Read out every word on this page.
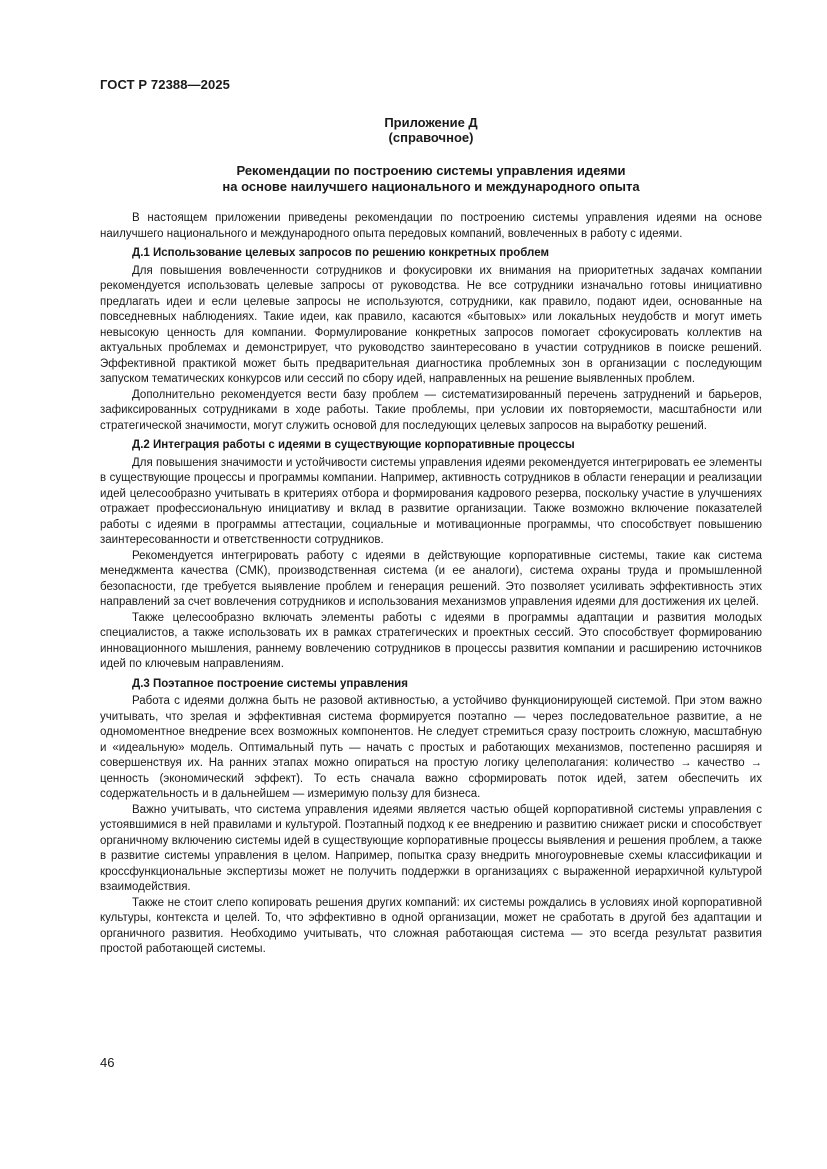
ГОСТ Р 72388—2025
Приложение Д
(справочное)
Рекомендации по построению системы управления идеями
на основе наилучшего национального и международного опыта

В настоящем приложении приведены рекомендации по построению системы управления идеями на основе наилучшего национального и международного опыта передовых компаний, вовлеченных в работу с идеями.

Д.1 Использование целевых запросов по решению конкретных проблем

Для повышения вовлеченности сотрудников и фокусировки их внимания на приоритетных задачах компании рекомендуется использовать целевые запросы от руководства. Не все сотрудники изначально готовы инициативно предлагать идеи и если целевые запросы не используются, сотрудники, как правило, подают идеи, основанные на повседневных наблюдениях. Такие идеи, как правило, касаются «бытовых» или локальных неудобств и могут иметь невысокую ценность для компании. Формулирование конкретных запросов помогает сфокусировать коллектив на актуальных проблемах и демонстрирует, что руководство заинтересовано в участии сотрудников в поиске решений. Эффективной практикой может быть предварительная диагностика проблемных зон в организации с последующим запуском тематических конкурсов или сессий по сбору идей, направленных на решение выявленных проблем.

Дополнительно рекомендуется вести базу проблем — систематизированный перечень затруднений и барьеров, зафиксированных сотрудниками в ходе работы. Такие проблемы, при условии их повторяемости, масштабности или стратегической значимости, могут служить основой для последующих целевых запросов на выработку решений.

Д.2 Интеграция работы с идеями в существующие корпоративные процессы

Для повышения значимости и устойчивости системы управления идеями рекомендуется интегрировать ее элементы в существующие процессы и программы компании. Например, активность сотрудников в области генерации и реализации идей целесообразно учитывать в критериях отбора и формирования кадрового резерва, поскольку участие в улучшениях отражает профессиональную инициативу и вклад в развитие организации. Также возможно включение показателей работы с идеями в программы аттестации, социальные и мотивационные программы, что способствует повышению заинтересованности и ответственности сотрудников.

Рекомендуется интегрировать работу с идеями в действующие корпоративные системы, такие как система менеджмента качества (СМК), производственная система (и ее аналоги), система охраны труда и промышленной безопасности, где требуется выявление проблем и генерация решений. Это позволяет усиливать эффективность этих направлений за счет вовлечения сотрудников и использования механизмов управления идеями для достижения их целей.

Также целесообразно включать элементы работы с идеями в программы адаптации и развития молодых специалистов, а также использовать их в рамках стратегических и проектных сессий. Это способствует формированию инновационного мышления, раннему вовлечению сотрудников в процессы развития компании и расширению источников идей по ключевым направлениям.

Д.3 Поэтапное построение системы управления

Работа с идеями должна быть не разовой активностью, а устойчиво функционирующей системой. При этом важно учитывать, что зрелая и эффективная система формируется поэтапно — через последовательное развитие, а не одномоментное внедрение всех возможных компонентов. Не следует стремиться сразу построить сложную, масштабную и «идеальную» модель. Оптимальный путь — начать с простых и работающих механизмов, постепенно расширяя и совершенствуя их. На ранних этапах можно опираться на простую логику целеполагания: количество → качество → ценность (экономический эффект). То есть сначала важно сформировать поток идей, затем обеспечить их содержательность и в дальнейшем — измеримую пользу для бизнеса.

Важно учитывать, что система управления идеями является частью общей корпоративной системы управления с устоявшимися в ней правилами и культурой. Поэтапный подход к ее внедрению и развитию снижает риски и способствует органичному включению системы идей в существующие корпоративные процессы выявления и решения проблем, а также в развитие системы управления в целом. Например, попытка сразу внедрить многоуровневые схемы классификации и кроссфункциональные экспертизы может не получить поддержки в организациях с выраженной иерархичной культурой взаимодействия.

Также не стоит слепо копировать решения других компаний: их системы рождались в условиях иной корпоративной культуры, контекста и целей. То, что эффективно в одной организации, может не сработать в другой без адаптации и органичного развития. Необходимо учитывать, что сложная работающая система — это всегда результат развития простой работающей системы.

46
